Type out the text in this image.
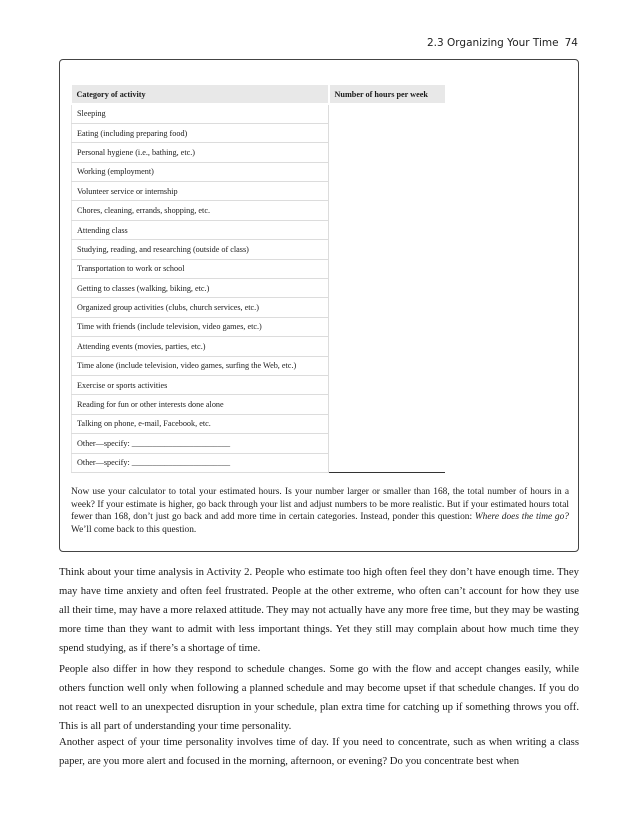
2.3 Organizing Your Time 74
Category of activity	Number of hours per week
Sleeping	
Eating (including preparing food)	
Personal hygiene (i.e., bathing, etc.)	
Working (employment)	
Volunteer service or internship	
Chores, cleaning, errands, shopping, etc.	
Attending class	
Studying, reading, and researching (outside of class)	
Transportation to work or school	
Getting to classes (walking, biking, etc.)	
Organized group activities (clubs, church services, etc.)	
Time with friends (include television, video games, etc.)	
Attending events (movies, parties, etc.)	
Time alone (include television, video games, surfing the Web, etc.)	
Exercise or sports activities	
Reading for fun or other interests done alone	
Talking on phone, e-mail, Facebook, etc.	
Other—specify: ________________________	
Other—specify: ________________________	

Now use your calculator to total your estimated hours. Is your number larger or smaller than 168, the total number of hours in a week? If your estimate is higher, go back through your list and adjust numbers to be more realistic. But if your estimated hours total fewer than 168, don’t just go back and add more time in certain categories. Instead, ponder this question: Where does the time go? We’ll come back to this question.

Think about your time analysis in Activity 2. People who estimate too high often feel they don’t have enough time. They may have time anxiety and often feel frustrated. People at the other extreme, who often can’t account for how they use all their time, may have a more relaxed attitude. They may not actually have any more free time, but they may be wasting more time than they want to admit with less important things. Yet they still may complain about how much time they spend studying, as if there’s a shortage of time.

People also differ in how they respond to schedule changes. Some go with the flow and accept changes easily, while others function well only when following a planned schedule and may become upset if that schedule changes. If you do not react well to an unexpected disruption in your schedule, plan extra time for catching up if something throws you off. This is all part of understanding your time personality.

Another aspect of your time personality involves time of day. If you need to concentrate, such as when writing a class paper, are you more alert and focused in the morning, afternoon, or evening? Do you concentrate best when
